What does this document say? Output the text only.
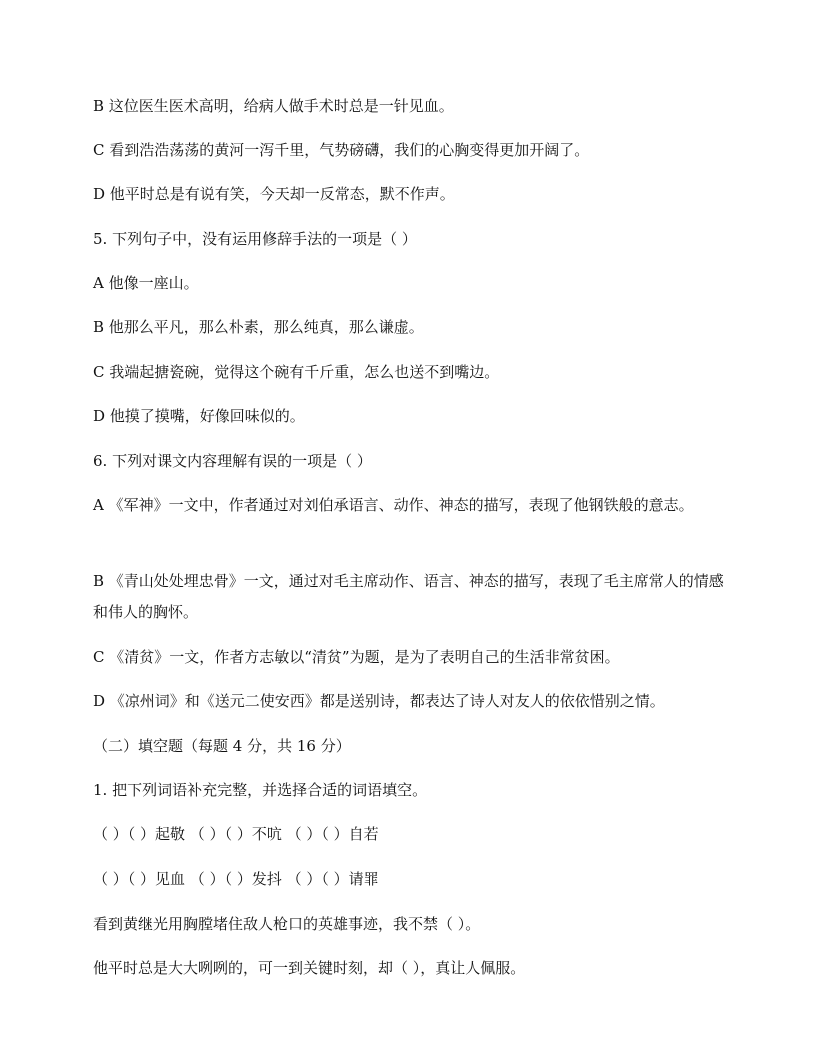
B 这位医生医术高明，给病人做手术时总是一针见血。
C 看到浩浩荡荡的黄河一泻千里，气势磅礴，我们的心胸变得更加开阔了。
D 他平时总是有说有笑，今天却一反常态，默不作声。
5. 下列句子中，没有运用修辞手法的一项是（ ）
A 他像一座山。
B 他那么平凡，那么朴素，那么纯真，那么谦虚。
C 我端起搪瓷碗，觉得这个碗有千斤重，怎么也送不到嘴边。
D 他摸了摸嘴，好像回味似的。
6. 下列对课文内容理解有误的一项是（ ）
A 《军神》一文中，作者通过对刘伯承语言、动作、神态的描写，表现了他钢铁般的意志。
B 《青山处处埋忠骨》一文，通过对毛主席动作、语言、神态的描写，表现了毛主席常人的情感和伟人的胸怀。
C 《清贫》一文，作者方志敏以“清贫”为题，是为了表明自己的生活非常贫困。
D 《凉州词》和《送元二使安西》都是送别诗，都表达了诗人对友人的依依惜别之情。
（二）填空题（每题 4 分，共 16 分）
1. 把下列词语补充完整，并选择合适的词语填空。
（ ）（ ）起敬 （ ）（ ）不吭 （ ）（ ）自若
（ ）（ ）见血 （ ）（ ）发抖 （ ）（ ）请罪
看到黄继光用胸膛堵住敌人枪口的英雄事迹，我不禁（ ）。
他平时总是大大咧咧的，可一到关键时刻，却（ ），真让人佩服。
